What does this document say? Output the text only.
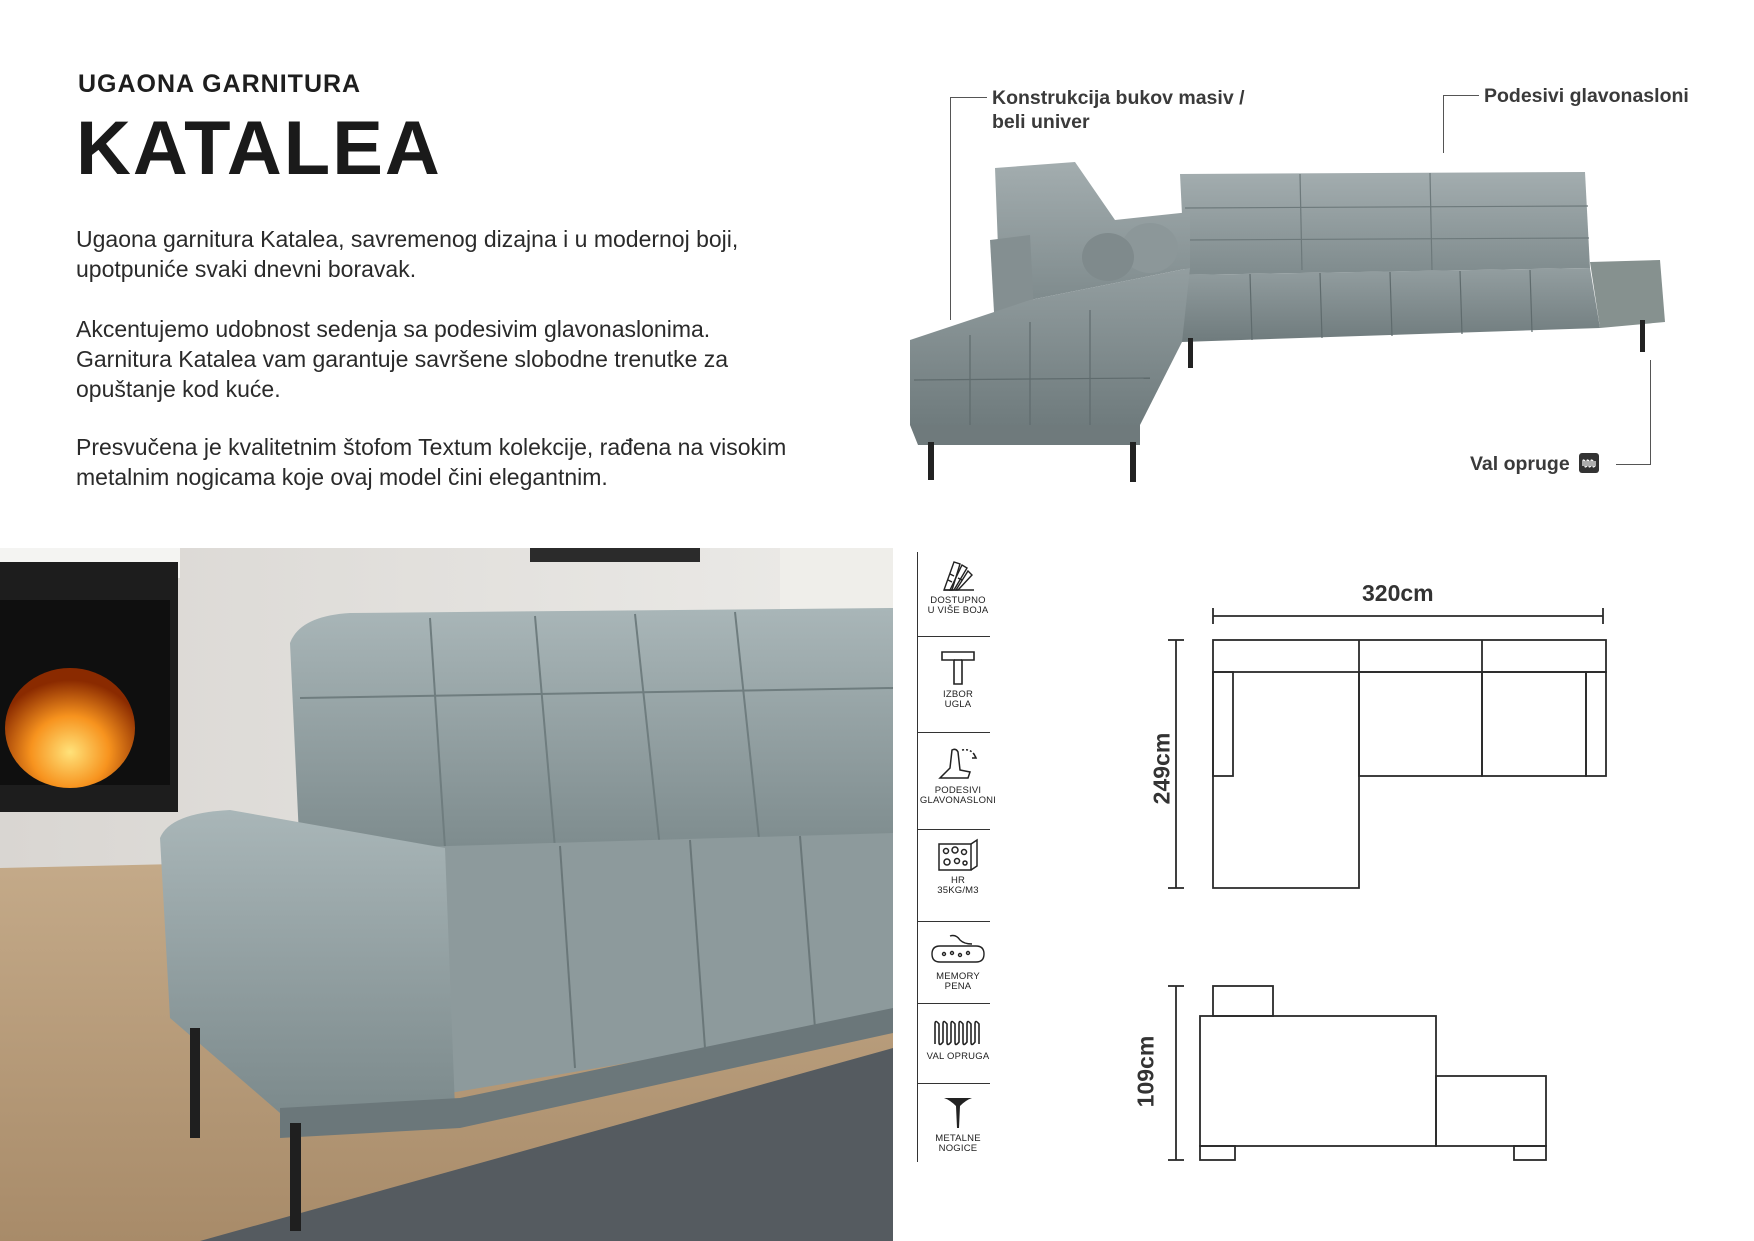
UGAONA GARNITURA
KATALEA
Ugaona garnitura Katalea, savremenog dizajna i u modernoj boji,
upotpuniće svaki dnevni boravak.
Akcentujemo udobnost sedenja sa podesivim glavonaslonima.
Garnitura Katalea vam garantuje savršene slobodne trenutke za
opuštanje kod kuće.
Presvučena je kvalitetnim štofom Textum kolekcije, rađena na visokim
metalnim nogicama koje ovaj model čini elegantnim.
Konstrukcija bukov masiv /
beli univer
Podesivi glavonasloni
Val opruge
DOSTUPNO
U VIŠE BOJA
IZBOR
UGLA
PODESIVI
GLAVONASLONI
HR
35KG/M3
MEMORY
PENA
VAL OPRUGA
METALNE
NOGICE
320cm
249cm
109cm
